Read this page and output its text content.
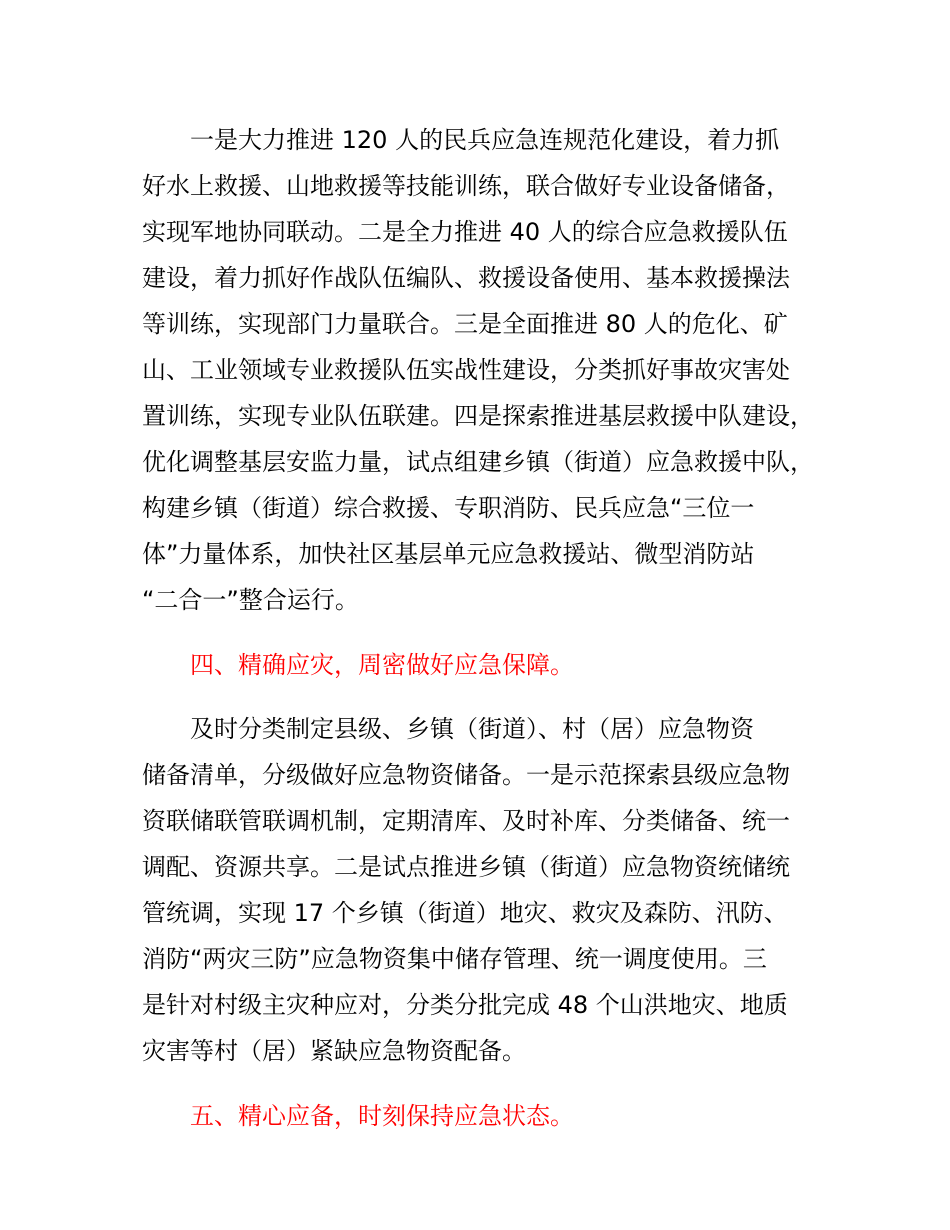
一是大力推进 120 人的民兵应急连规范化建设，着力抓
好水上救援、山地救援等技能训练，联合做好专业设备储备，
实现军地协同联动。二是全力推进 40 人的综合应急救援队伍
建设，着力抓好作战队伍编队、救援设备使用、基本救援操法
等训练，实现部门力量联合。三是全面推进 80 人的危化、矿
山、工业领域专业救援队伍实战性建设，分类抓好事故灾害处
置训练，实现专业队伍联建。四是探索推进基层救援中队建设，
优化调整基层安监力量，试点组建乡镇（街道）应急救援中队，
构建乡镇（街道）综合救援、专职消防、民兵应急“三位一
体”力量体系，加快社区基层单元应急救援站、微型消防站
“二合一”整合运行。
四、精确应灾，周密做好应急保障。
及时分类制定县级、乡镇（街道）、村（居）应急物资
储备清单，分级做好应急物资储备。一是示范探索县级应急物
资联储联管联调机制，定期清库、及时补库、分类储备、统一
调配、资源共享。二是试点推进乡镇（街道）应急物资统储统
管统调，实现 17 个乡镇（街道）地灾、救灾及森防、汛防、
消防“两灾三防”应急物资集中储存管理、统一调度使用。三
是针对村级主灾种应对，分类分批完成 48 个山洪地灾、地质
灾害等村（居）紧缺应急物资配备。
五、精心应备，时刻保持应急状态。
